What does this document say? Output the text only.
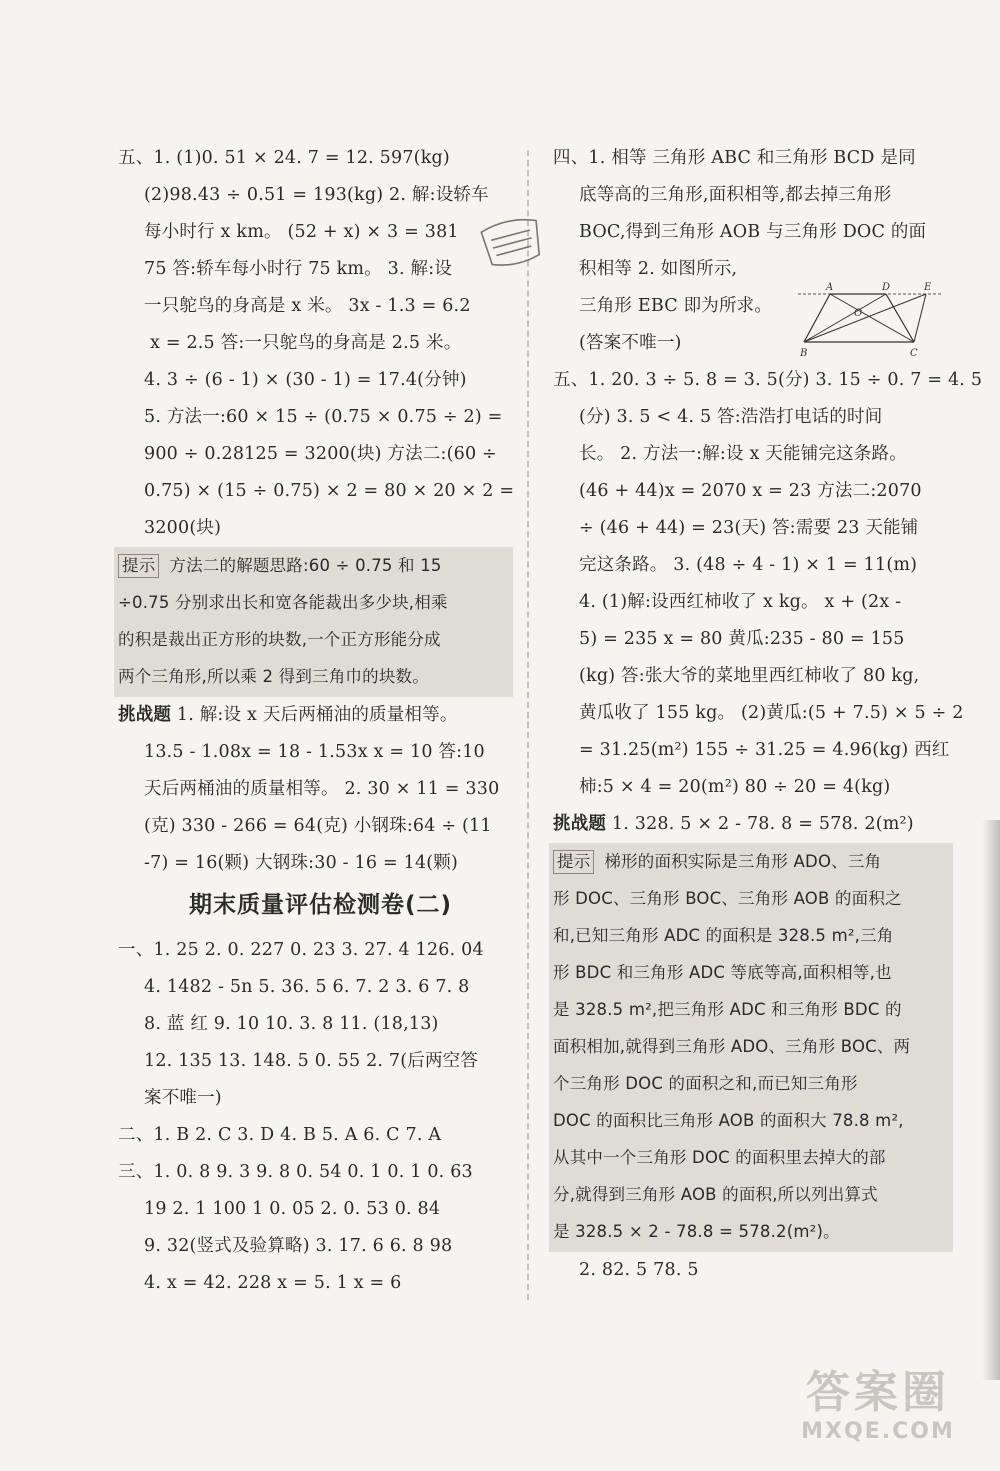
五、1. (1)0. 51 × 24. 7 = 12. 597(kg)
(2)98.43 ÷ 0.51 = 193(kg) 2. 解:设轿车
每小时行 x km。 (52 + x) × 3 = 381
75 答:轿车每小时行 75 km。 3. 解:设
一只鸵鸟的身高是 x 米。 3x - 1.3 = 6.2
x = 2.5 答:一只鸵鸟的身高是 2.5 米。
4. 3 ÷ (6 - 1) × (30 - 1) = 17.4(分钟)
5. 方法一:60 × 15 ÷ (0.75 × 0.75 ÷ 2) =
900 ÷ 0.28125 = 3200(块) 方法二:(60 ÷
0.75) × (15 ÷ 0.75) × 2 = 80 × 20 × 2 =
3200(块)
提示 方法二的解题思路:60 ÷ 0.75 和 15
÷0.75 分别求出长和宽各能裁出多少块,相乘
的积是裁出正方形的块数,一个正方形能分成
两个三角形,所以乘 2 得到三角巾的块数。
挑战题 1. 解:设 x 天后两桶油的质量相等。
13.5 - 1.08x = 18 - 1.53x x = 10 答:10
天后两桶油的质量相等。 2. 30 × 11 = 330
(克) 330 - 266 = 64(克) 小钢珠:64 ÷ (11
-7) = 16(颗) 大钢珠:30 - 16 = 14(颗)
期末质量评估检测卷(二)
一、1. 25 2. 0. 227 0. 23 3. 27. 4 126. 04
4. 1482 - 5n 5. 36. 5 6. 7. 2 3. 6 7. 8
8. 蓝 红 9. 10 10. 3. 8 11. (18,13)
12. 135 13. 148. 5 0. 55 2. 7(后两空答
案不唯一)
二、1. B 2. C 3. D 4. B 5. A 6. C 7. A
三、1. 0. 8 9. 3 9. 8 0. 54 0. 1 0. 1 0. 63
19 2. 1 100 1 0. 05 2. 0. 53 0. 84
9. 32(竖式及验算略) 3. 17. 6 6. 8 98
4. x = 42. 228 x = 5. 1 x = 6
四、1. 相等 三角形 ABC 和三角形 BCD 是同
底等高的三角形,面积相等,都去掉三角形
BOC,得到三角形 AOB 与三角形 DOC 的面
积相等 2. 如图所示,
三角形 EBC 即为所求。
(答案不唯一)
五、1. 20. 3 ÷ 5. 8 = 3. 5(分) 3. 15 ÷ 0. 7 = 4. 5
(分) 3. 5 < 4. 5 答:浩浩打电话的时间
长。 2. 方法一:解:设 x 天能铺完这条路。
(46 + 44)x = 2070 x = 23 方法二:2070
÷ (46 + 44) = 23(天) 答:需要 23 天能铺
完这条路。 3. (48 ÷ 4 - 1) × 1 = 11(m)
4. (1)解:设西红柿收了 x kg。 x + (2x -
5) = 235 x = 80 黄瓜:235 - 80 = 155
(kg) 答:张大爷的菜地里西红柿收了 80 kg,
黄瓜收了 155 kg。 (2)黄瓜:(5 + 7.5) × 5 ÷ 2
= 31.25(m²) 155 ÷ 31.25 = 4.96(kg) 西红
柿:5 × 4 = 20(m²) 80 ÷ 20 = 4(kg)
挑战题 1. 328. 5 × 2 - 78. 8 = 578. 2(m²)
提示 梯形的面积实际是三角形 ADO、三角
形 DOC、三角形 BOC、三角形 AOB 的面积之
和,已知三角形 ADC 的面积是 328.5 m²,三角
形 BDC 和三角形 ADC 等底等高,面积相等,也
是 328.5 m²,把三角形 ADC 和三角形 BDC 的
面积相加,就得到三角形 ADO、三角形 BOC、两
个三角形 DOC 的面积之和,而已知三角形
DOC 的面积比三角形 AOB 的面积大 78.8 m²,
从其中一个三角形 DOC 的面积里去掉大的部
分,就得到三角形 AOB 的面积,所以列出算式
是 328.5 × 2 - 78.8 = 578.2(m²)。
2. 82. 5 78. 5
A	D	E
O
B	C
答案圈
MXQE.COM
